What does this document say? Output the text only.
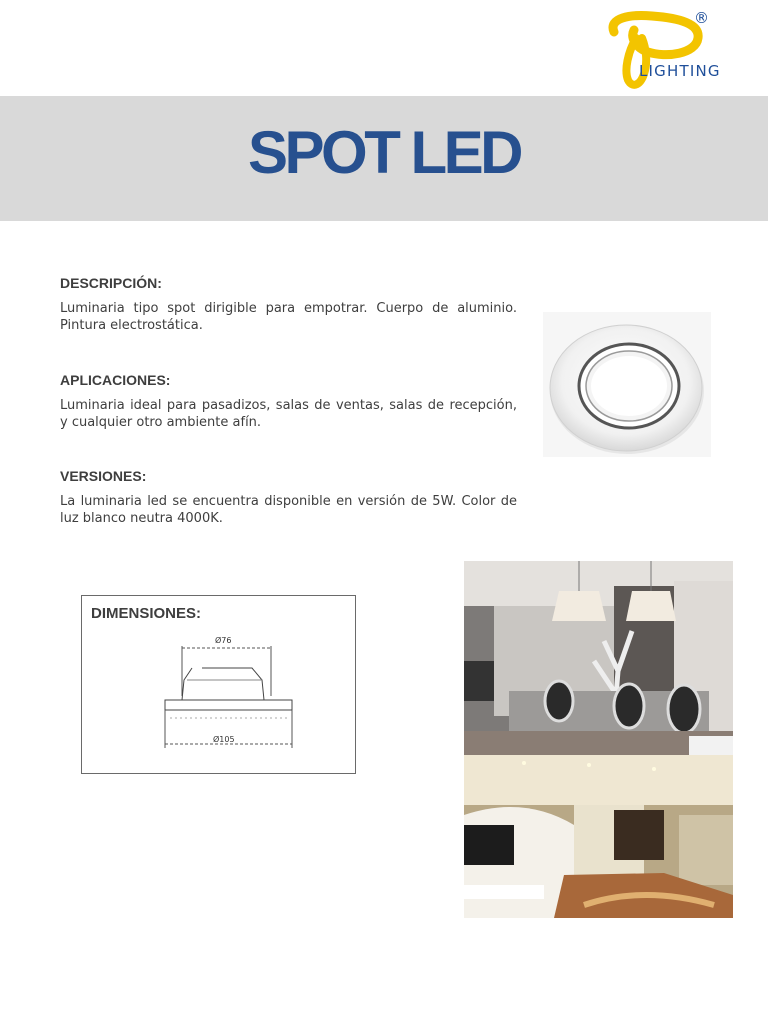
®
LIGHTING
SPOT LED
DESCRIPCIÓN:

Luminaria tipo spot dirigible para empotrar. Cuerpo de aluminio. Pintura electrostática.

APLICACIONES:

Luminaria ideal para pasadizos, salas de ventas, salas de recepción, y cualquier otro ambiente afín.

VERSIONES:

La luminaria led se encuentra disponible en versión de 5W. Color de luz blanco neutra 4000K.

DIMENSIONES:
Ø76
Ø105
